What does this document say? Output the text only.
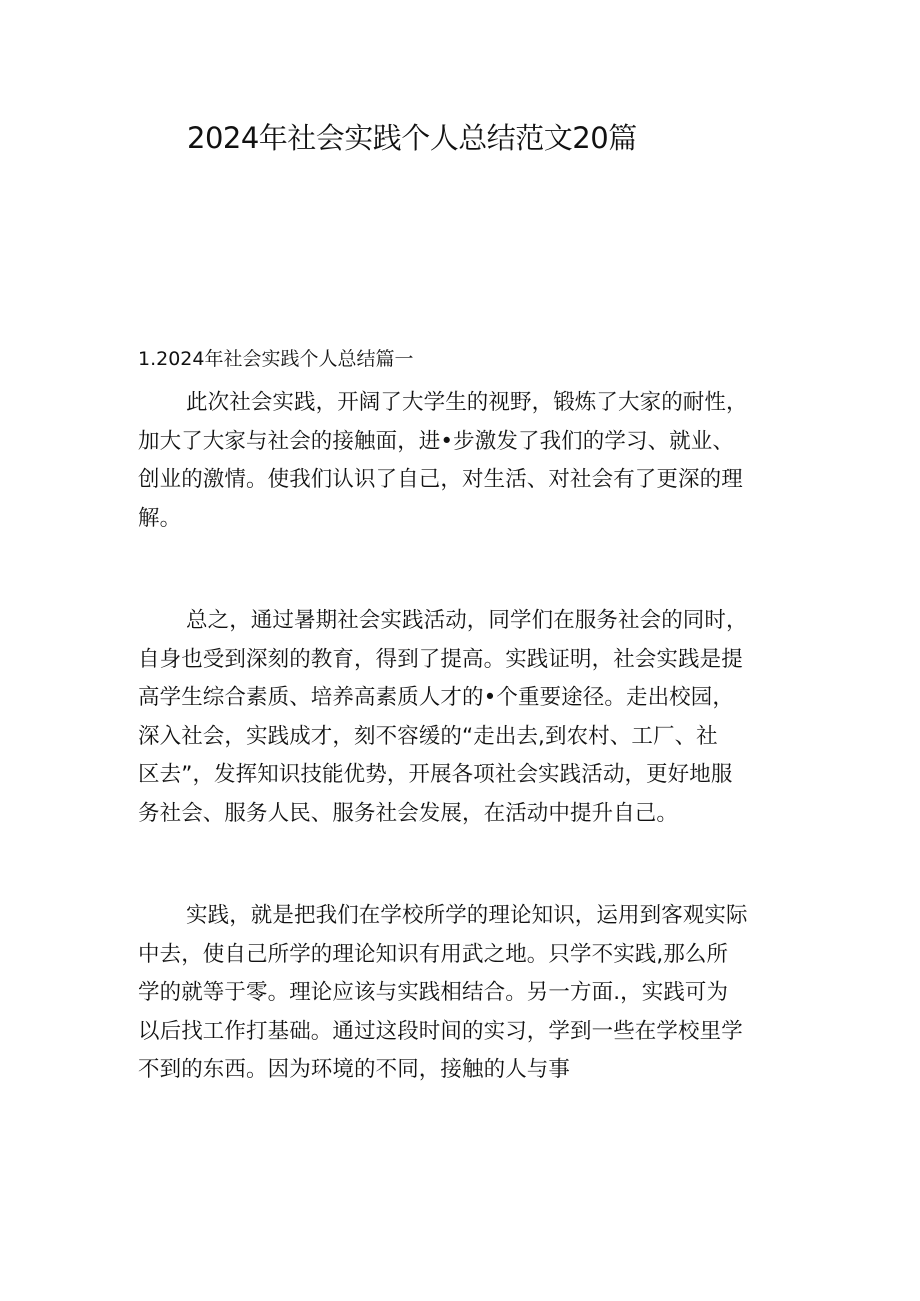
2024年社会实践个人总结范文20篇
1.2024年社会实践个人总结篇一

此次社会实践，开阔了大学生的视野，锻炼了大家的耐性，
加大了大家与社会的接触面，进•步激发了我们的学习、就业、
创业的激情。使我们认识了自己，对生活、对社会有了更深的理
解。

总之，通过暑期社会实践活动，同学们在服务社会的同时，
自身也受到深刻的教育，得到了提高。实践证明，社会实践是提
高学生综合素质、培养高素质人才的•个重要途径。走出校园，
深入社会，实践成才，刻不容缓的“走出去,到农村、工厂、社
区去”，发挥知识技能优势，开展各项社会实践活动，更好地服
务社会、服务人民、服务社会发展，在活动中提升自己。

实践，就是把我们在学校所学的理论知识，运用到客观实际
中去，使自己所学的理论知识有用武之地。只学不实践,那么所
学的就等于零。理论应该与实践相结合。另一方面.，实践可为
以后找工作打基础。通过这段时间的实习，学到一些在学校里学
不到的东西。因为环境的不同，接触的人与事
